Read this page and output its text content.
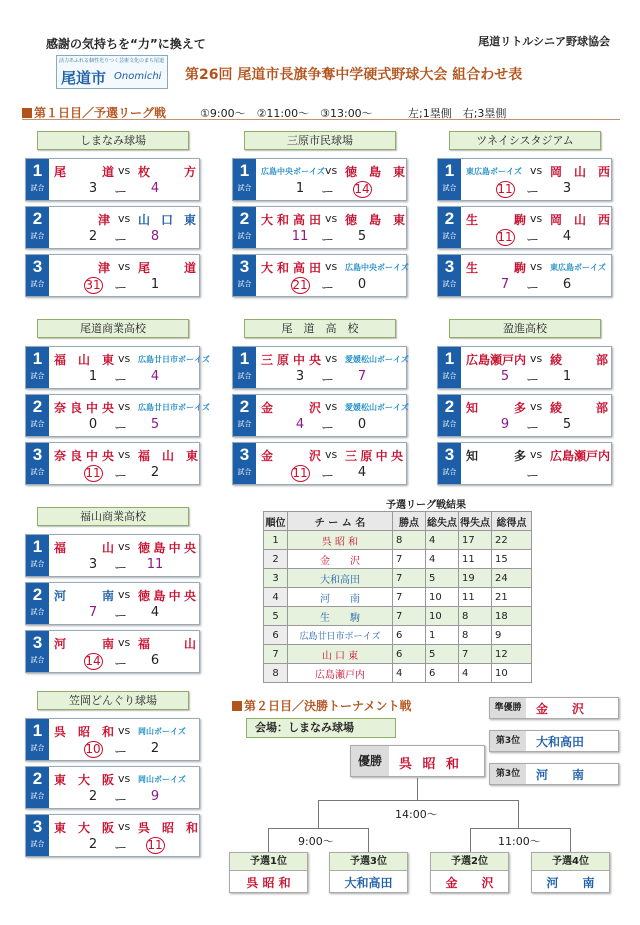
感謝の気持ちを“力”に換えて	尾道リトルシニア野球協会
活力あふれる個性光りつく芸術文化のまち尾道
尾道市 Onomichi 第26回 尾道市長旗争奪中学硬式野球大会 組合わせ表
第１日目／予選リーグ戦	①9:00～　②11:00～　③13:00～	左;1塁側　右;3塁側
しまなみ球場
1
試合
尾　　道 vs 枚　　方
3	ー	4
2
試合
津 vs 山口東
2	ー	8
3
試合
津 vs 尾　　道
31	ー	1
三原市民球場
1
試合
広島中央ボーイズ vs 徳　島　東
1	ー	14
2
試合
大和高田 vs 徳　島　東
11 ー	5
3
試合
大和高田 vs 広島中央ボーイズ
21	ー	0
ツネイシスタジアム
1
試合
東広島ボーイズ vs 岡　山　西
11	ー	3
2
試合
生　　駒 vs 岡　山　西
11	ー	4
3
試合
生　　駒 vs 東広島ボーイズ
7	ー	6
尾道商業高校
1
試合
福　山　東 vs 広島廿日市ボーイズ
1	ー	4
2
試合
奈良中央 vs 広島廿日市ボーイズ
0	ー	5
3
試合
奈良中央 vs 福　山　東
11	ー	2
尾　道　高　校
1
試合
三原中央 vs 愛媛松山ボーイズ
3	ー	7
2
試合
金　　沢 vs 愛媛松山ボーイズ
4	ー	0
3
試合
金　　沢 vs 三原中央
11	ー	4
盈進高校
1
試合
広島瀬戸内 vs 綾　　部
5	ー	1
2
試合
知　　多 vs 綾　　部
9	ー	5
3
試合
知　　多 vs 広島瀬戸内
ー
福山商業高校
1
試合
福　　山 vs 徳島中央
3	ー	11
2
試合
河　　南 vs 徳島中央
7	ー	4
3
試合
河　　南 vs 福　　山
14	ー	6
笠岡どんぐり球場
1
試合
呉　昭　和 vs 岡山ボーイズ
10	ー	2
2
試合
東　大　阪 vs 岡山ボーイズ
2	ー	9
3
試合
東　大　阪 vs 呉　昭　和
2	ー	11
予選リーグ戦結果
順位	チ ー ム 名	勝点	総失点	得失点	総得点
1	呉 昭 和	8	4	17	22
2	金　　沢	7	4	11	15
3	大和高田	7	5	19	24
4	河　　南	7	10	11	21
5	生　　駒	7	10	8	18
6	広島廿日市ボーイズ	6	1	8	9
7	山 口 東	6	5	7	12
8	広島瀬戸内	4	6	4	10
第２日目／決勝トーナメント戦
会場：しまなみ球場
準優勝	金　　沢
第3位	大和高田
第3位	河　　南
優勝	呉 昭 和
14:00～
9:00～	11:00～
予選1位
呉 昭 和
予選3位
大和高田
予選2位
金　　沢
予選4位
河　　南
